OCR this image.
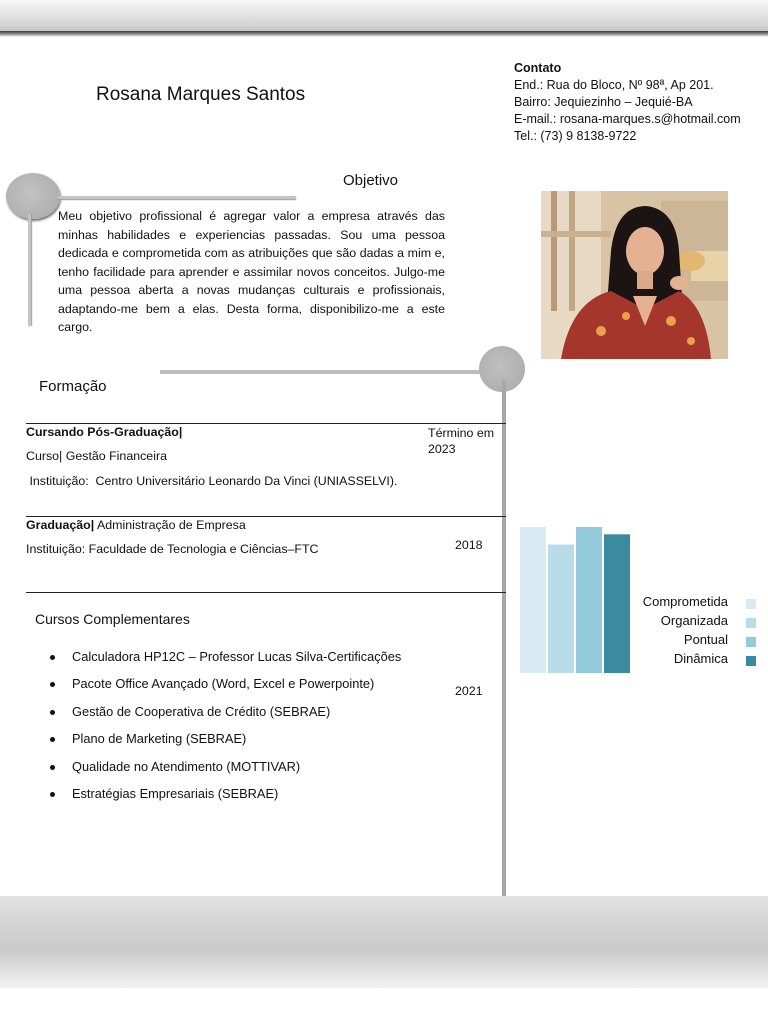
Rosana Marques Santos
Contato
End.: Rua do Bloco, Nº 98ª, Ap 201.
Bairro: Jequiezinho – Jequié-BA
E-mail.: rosana-marques.s@hotmail.com
Tel.: (73) 9 8138-9722
Objetivo
Meu objetivo profissional é agregar valor a empresa através das minhas habilidades e experiencias passadas. Sou uma pessoa dedicada e comprometida com as atribuições que são dadas a mim e, tenho facilidade para aprender e assimilar novos conceitos. Julgo-me uma pessoa aberta a novas mudanças culturais e profissionais, adaptando-me bem a elas. Desta forma, disponibilizo-me a este cargo.
Formação
Cursando Pós-Graduação|	Término em 2023
Curso| Gestão Financeira
Instituição:  Centro Universitário Leonardo Da Vinci (UNIASSELVI).
Graduação| Administração de Empresa
Instituição: Faculdade de Tecnologia e Ciências–FTC	2018
Cursos Complementares
2021
Calculadora HP12C – Professor Lucas Silva-Certificações
Pacote Office Avançado (Word, Excel e Powerpointe)
Gestão de Cooperativa de Crédito (SEBRAE)
Plano de Marketing (SEBRAE)
Qualidade no Atendimento (MOTTIVAR)
Estratégias Empresariais (SEBRAE)
Comprometida
Organizada
Pontual
Dinâmica
